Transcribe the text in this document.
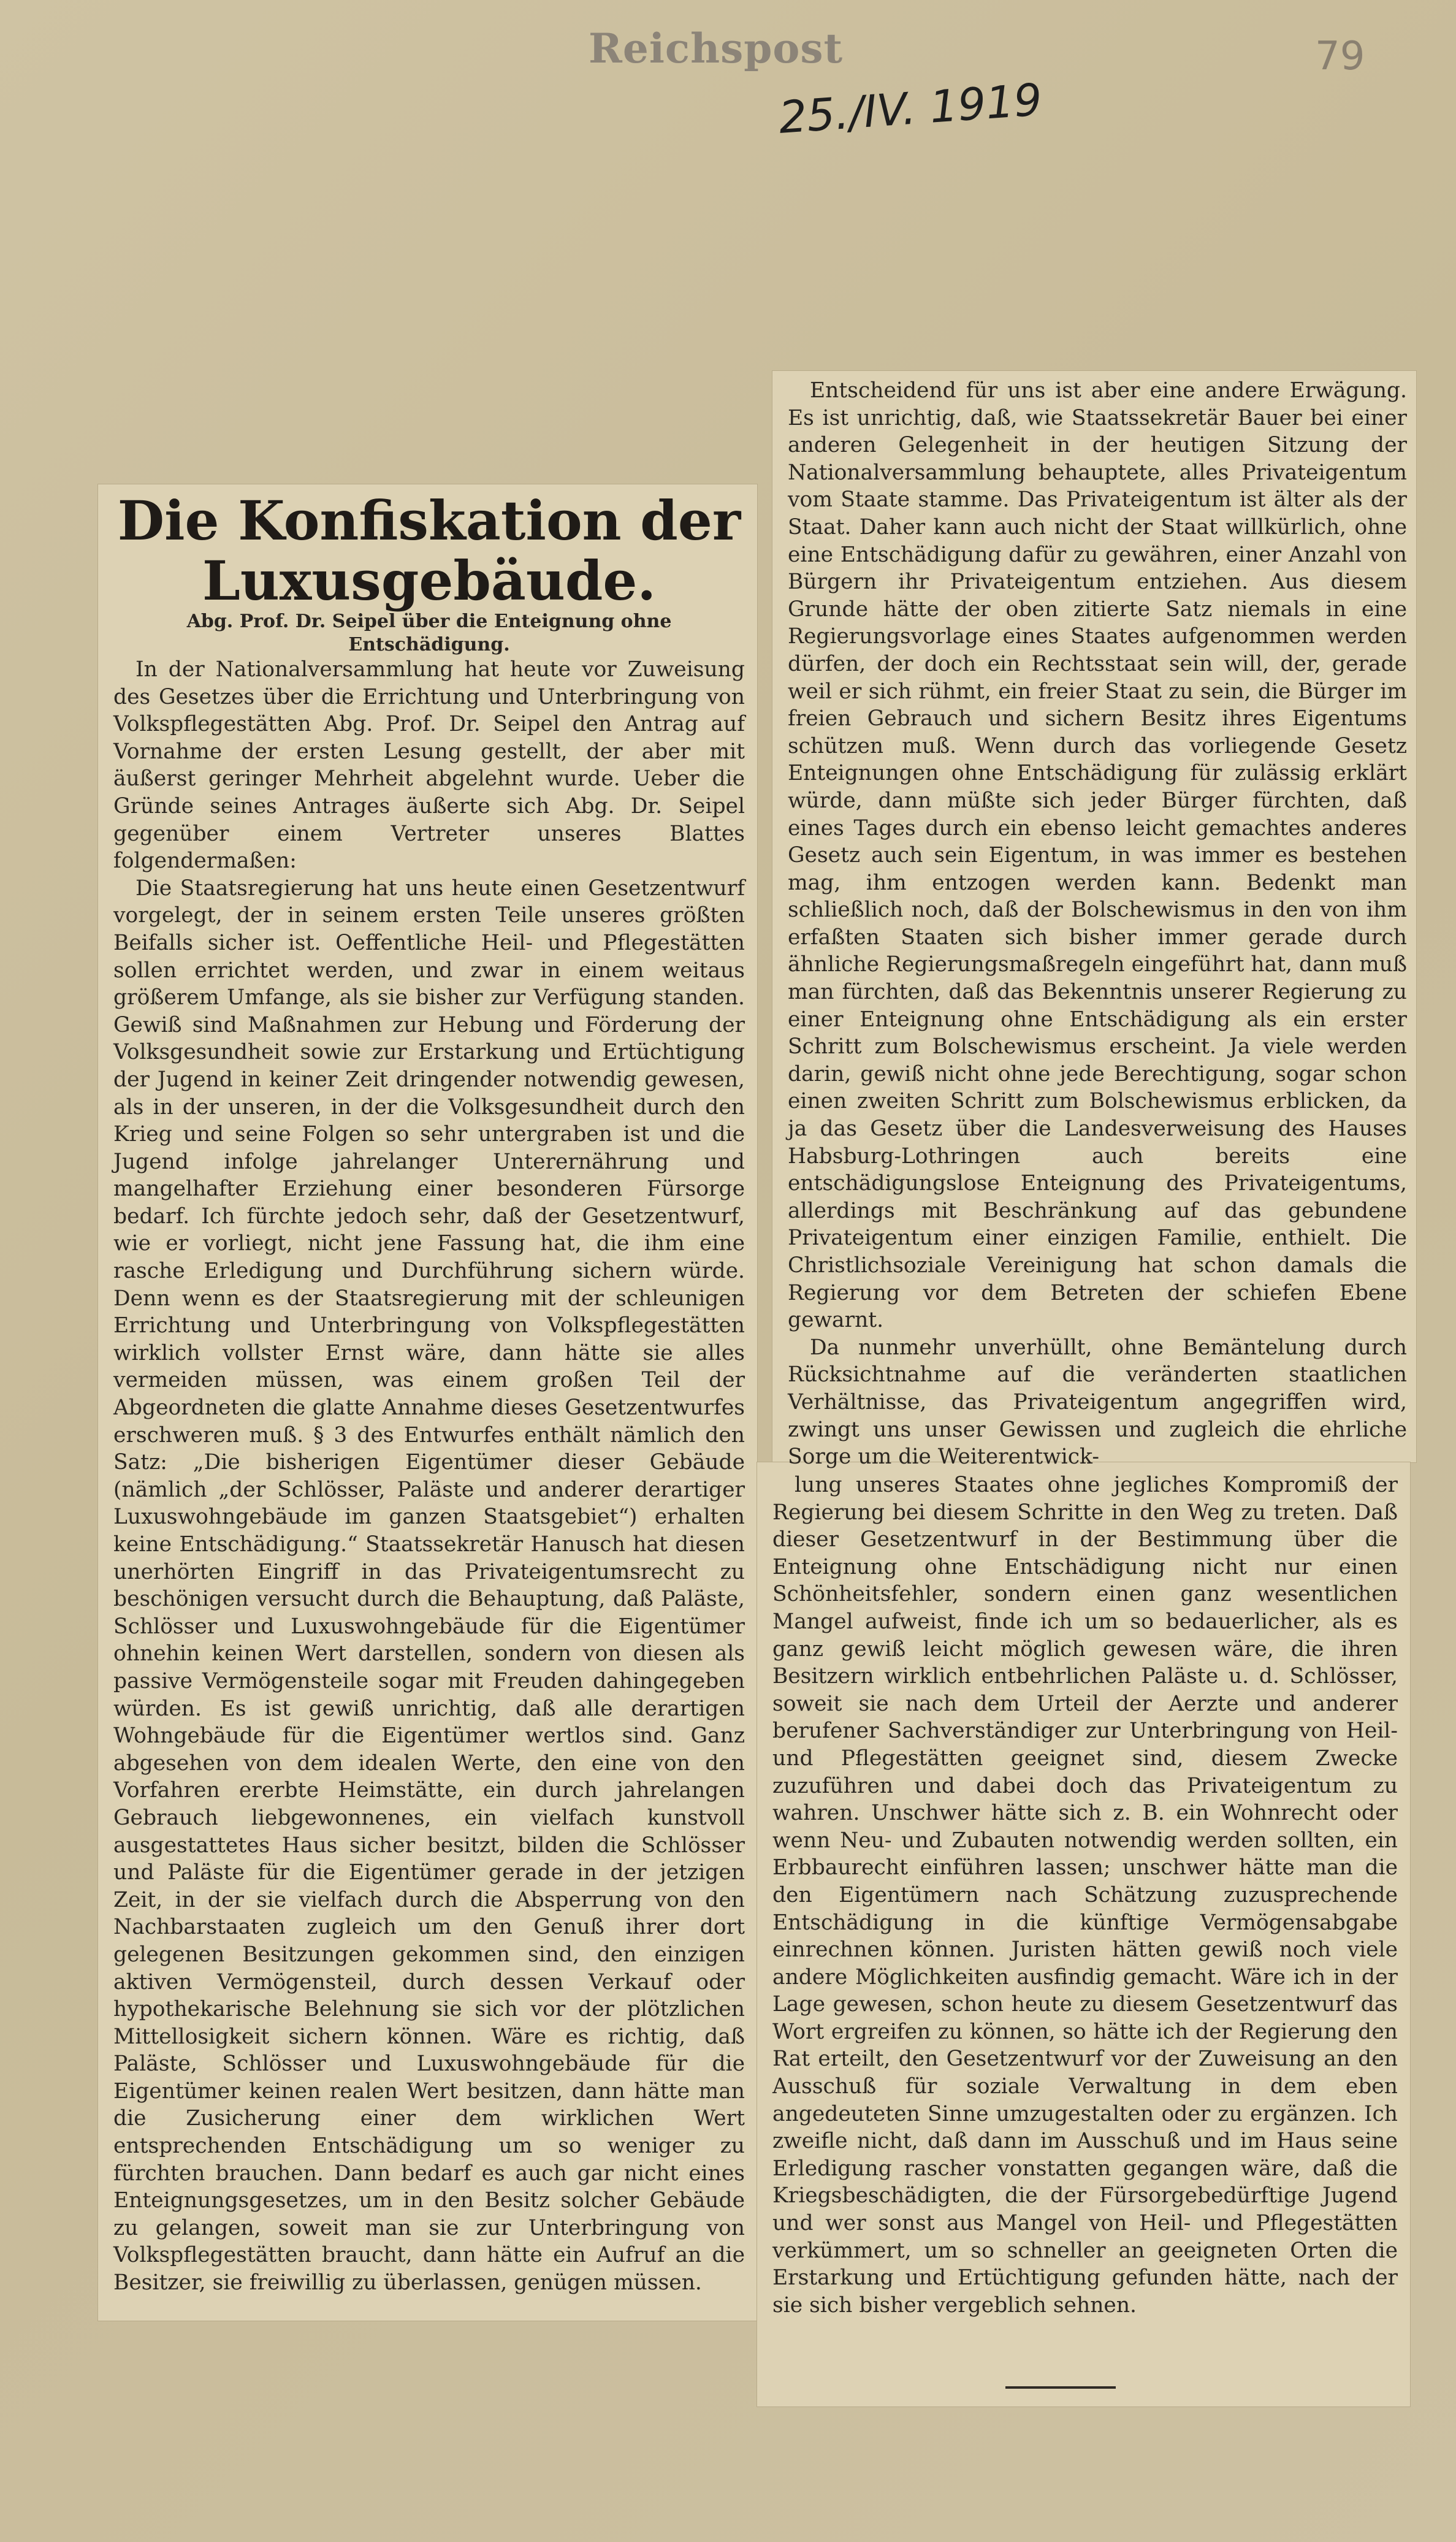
Reichspost
25./IV. 1919
79
Die Konfiskation der Luxusgebäude.
Abg. Prof. Dr. Seipel über die Enteignung ohne Entschädigung.

In der Nationalversammlung hat heute vor Zuweisung des Gesetzes über die Errichtung und Unterbringung von Volkspflegestätten Abg. Prof. Dr. Seipel den Antrag auf Vornahme der ersten Lesung gestellt, der aber mit äußerst geringer Mehrheit abgelehnt wurde. Ueber die Gründe seines Antrages äußerte sich Abg. Dr. Seipel gegenüber einem Vertreter unseres Blattes folgendermaßen:

Die Staatsregierung hat uns heute einen Gesetzentwurf vorgelegt, der in seinem ersten Teile unseres größten Beifalls sicher ist. Oeffentliche Heil- und Pflegestätten sollen errichtet werden, und zwar in einem weitaus größerem Umfange, als sie bisher zur Verfügung standen. Gewiß sind Maßnahmen zur Hebung und Förderung der Volksgesundheit sowie zur Erstarkung und Ertüchtigung der Jugend in keiner Zeit dringender notwendig gewesen, als in der unseren, in der die Volksgesundheit durch den Krieg und seine Folgen so sehr untergraben ist und die Jugend infolge jahrelanger Unterernährung und mangelhafter Erziehung einer besonderen Fürsorge bedarf. Ich fürchte jedoch sehr, daß der Gesetzentwurf, wie er vorliegt, nicht jene Fassung hat, die ihm eine rasche Erledigung und Durchführung sichern würde. Denn wenn es der Staatsregierung mit der schleunigen Errichtung und Unterbringung von Volkspflegestätten wirklich vollster Ernst wäre, dann hätte sie alles vermeiden müssen, was einem großen Teil der Abgeordneten die glatte Annahme dieses Gesetzentwurfes erschweren muß. § 3 des Entwurfes enthält nämlich den Satz: „Die bisherigen Eigentümer dieser Gebäude (nämlich „der Schlösser, Paläste und anderer derartiger Luxuswohngebäude im ganzen Staatsgebiet“) erhalten keine Entschädigung.“ Staatssekretär Hanusch hat diesen unerhörten Eingriff in das Privateigentumsrecht zu beschönigen versucht durch die Behauptung, daß Paläste, Schlösser und Luxuswohngebäude für die Eigentümer ohnehin keinen Wert darstellen, sondern von diesen als passive Vermögensteile sogar mit Freuden dahingegeben würden. Es ist gewiß unrichtig, daß alle derartigen Wohngebäude für die Eigentümer wertlos sind. Ganz abgesehen von dem idealen Werte, den eine von den Vorfahren ererbte Heimstätte, ein durch jahrelangen Gebrauch liebgewonnenes, ein vielfach kunstvoll ausgestattetes Haus sicher besitzt, bilden die Schlösser und Paläste für die Eigentümer gerade in der jetzigen Zeit, in der sie vielfach durch die Absperrung von den Nachbarstaaten zugleich um den Genuß ihrer dort gelegenen Besitzungen gekommen sind, den einzigen aktiven Vermögensteil, durch dessen Verkauf oder hypothekarische Belehnung sie sich vor der plötzlichen Mittellosigkeit sichern können. Wäre es richtig, daß Paläste, Schlösser und Luxuswohngebäude für die Eigentümer keinen realen Wert besitzen, dann hätte man die Zusicherung einer dem wirklichen Wert entsprechenden Entschädigung um so weniger zu fürchten brauchen. Dann bedarf es auch gar nicht eines Enteignungsgesetzes, um in den Besitz solcher Gebäude zu gelangen, soweit man sie zur Unterbringung von Volkspflegestätten braucht, dann hätte ein Aufruf an die Besitzer, sie freiwillig zu überlassen, genügen müssen.

Entscheidend für uns ist aber eine andere Erwägung. Es ist unrichtig, daß, wie Staatssekretär Bauer bei einer anderen Gelegenheit in der heutigen Sitzung der Nationalversammlung behauptete, alles Privateigentum vom Staate stamme. Das Privateigentum ist älter als der Staat. Daher kann auch nicht der Staat willkürlich, ohne eine Entschädigung dafür zu gewähren, einer Anzahl von Bürgern ihr Privateigentum entziehen. Aus diesem Grunde hätte der oben zitierte Satz niemals in eine Regierungsvorlage eines Staates aufgenommen werden dürfen, der doch ein Rechtsstaat sein will, der, gerade weil er sich rühmt, ein freier Staat zu sein, die Bürger im freien Gebrauch und sichern Besitz ihres Eigentums schützen muß. Wenn durch das vorliegende Gesetz Enteignungen ohne Entschädigung für zulässig erklärt würde, dann müßte sich jeder Bürger fürchten, daß eines Tages durch ein ebenso leicht gemachtes anderes Gesetz auch sein Eigentum, in was immer es bestehen mag, ihm entzogen werden kann. Bedenkt man schließlich noch, daß der Bolschewismus in den von ihm erfaßten Staaten sich bisher immer gerade durch ähnliche Regierungsmaßregeln eingeführt hat, dann muß man fürchten, daß das Bekenntnis unserer Regierung zu einer Enteignung ohne Entschädigung als ein erster Schritt zum Bolschewismus erscheint. Ja viele werden darin, gewiß nicht ohne jede Berechtigung, sogar schon einen zweiten Schritt zum Bolschewismus erblicken, da ja das Gesetz über die Landesverweisung des Hauses Habsburg-Lothringen auch bereits eine entschädigungslose Enteignung des Privateigentums, allerdings mit Beschränkung auf das gebundene Privateigentum einer einzigen Familie, enthielt. Die Christlichsoziale Vereinigung hat schon damals die Regierung vor dem Betreten der schiefen Ebene gewarnt.

Da nunmehr unverhüllt, ohne Bemäntelung durch Rücksichtnahme auf die veränderten staatlichen Verhältnisse, das Privateigentum angegriffen wird, zwingt uns unser Gewissen und zugleich die ehrliche Sorge um die Weiterentwick-

lung unseres Staates ohne jegliches Kompromiß der Regierung bei diesem Schritte in den Weg zu treten. Daß dieser Gesetzentwurf in der Bestimmung über die Enteignung ohne Entschädigung nicht nur einen Schönheitsfehler, sondern einen ganz wesentlichen Mangel aufweist, finde ich um so bedauerlicher, als es ganz gewiß leicht möglich gewesen wäre, die ihren Besitzern wirklich entbehrlichen Paläste u. d. Schlösser, soweit sie nach dem Urteil der Aerzte und anderer berufener Sachverständiger zur Unterbringung von Heil- und Pflegestätten geeignet sind, diesem Zwecke zuzuführen und dabei doch das Privateigentum zu wahren. Unschwer hätte sich z. B. ein Wohnrecht oder wenn Neu- und Zubauten notwendig werden sollten, ein Erbbaurecht einführen lassen; unschwer hätte man die den Eigentümern nach Schätzung zuzusprechende Entschädigung in die künftige Vermögensabgabe einrechnen können. Juristen hätten gewiß noch viele andere Möglichkeiten ausfindig gemacht. Wäre ich in der Lage gewesen, schon heute zu diesem Gesetzentwurf das Wort ergreifen zu können, so hätte ich der Regierung den Rat erteilt, den Gesetzentwurf vor der Zuweisung an den Ausschuß für soziale Verwaltung in dem eben angedeuteten Sinne umzugestalten oder zu ergänzen. Ich zweifle nicht, daß dann im Ausschuß und im Haus seine Erledigung rascher vonstatten gegangen wäre, daß die Kriegsbeschädigten, die der Fürsorgebedürftige Jugend und wer sonst aus Mangel von Heil- und Pflegestätten verkümmert, um so schneller an geeigneten Orten die Erstarkung und Ertüchtigung gefunden hätte, nach der sie sich bisher vergeblich sehnen.
